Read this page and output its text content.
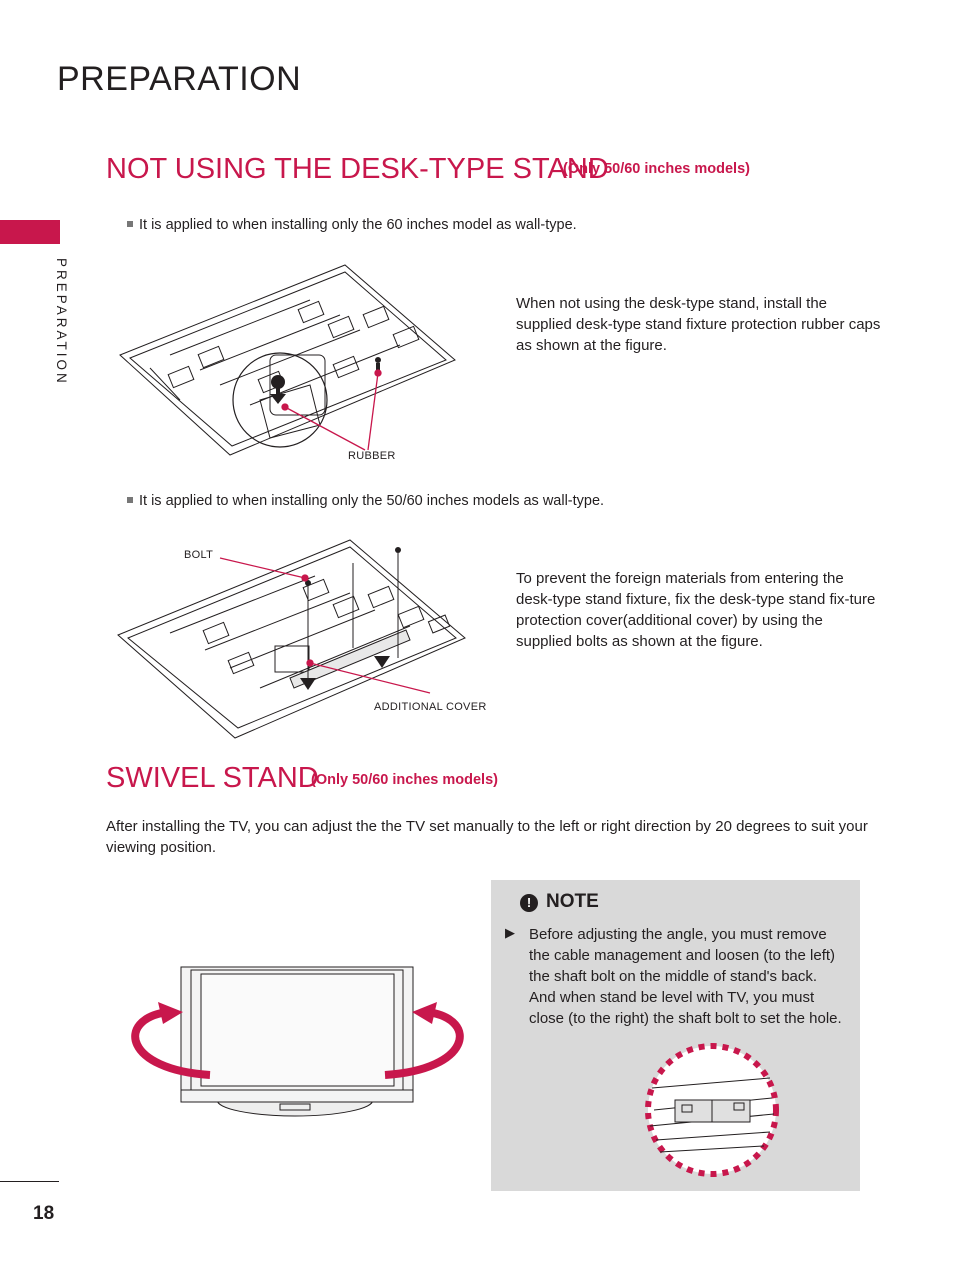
PREPARATION
PREPARATION
NOT USING THE DESK-TYPE STAND
(Only 50/60 inches models)
It is applied to when installing only the 60 inches model as wall-type.
RUBBER
When not using the desk-type stand, install the supplied desk-type stand fixture protection rubber caps as shown at the figure.
It is applied to when installing only the 50/60 inches models as wall-type.
BOLT
ADDITIONAL COVER
To prevent the foreign materials from entering the desk-type stand fixture, fix the desk-type stand fix-ture protection cover(additional cover) by using the supplied bolts as shown at the figure.
SWIVEL STAND
(Only 50/60 inches models)
After installing the TV, you can adjust the the TV set manually to the left or right direction by 20 degrees to suit your viewing position.
! NOTE
▶ Before adjusting the angle, you must remove the cable management and loosen (to the left) the shaft bolt on the middle of stand's back. And when stand be level with TV, you must close (to the right) the shaft bolt to set the hole.
18
